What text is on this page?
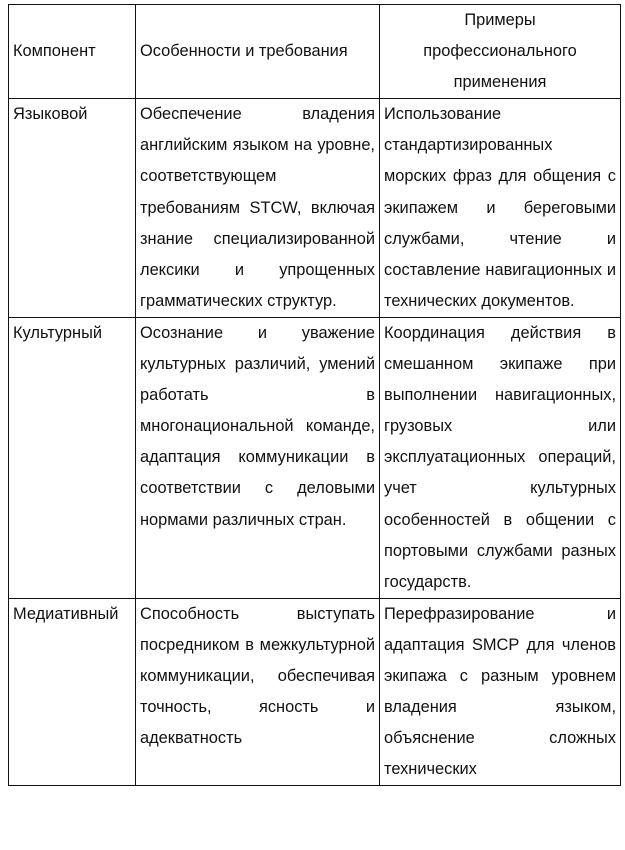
Компонент	Особенности и требования	Примеры профессионального применения
Языковой	Обеспечение владения английским языком на уровне, соответствующем требованиям STCW, включая знание специализированной лексики и упрощенных грамматических структур.	Использование стандартизированных морских фраз для общения с экипажем и береговыми службами, чтение и составление навигационных и технических документов.
Культурный	Осознание и уважение культурных различий, умений работать в многонациональной команде, адаптация коммуникации в соответствии с деловыми нормами различных стран.	Координация действия в смешанном экипаже при выполнении навигационных, грузовых или эксплуатационных операций, учет культурных особенностей в общении с портовыми службами разных государств.
Медиативный	Способность выступать посредником в межкультурной коммуникации, обеспечивая точность, ясность и адекватность	Перефразирование и адаптация SMCP для членов экипажа с разным уровнем владения языком, объяснение сложных технических
